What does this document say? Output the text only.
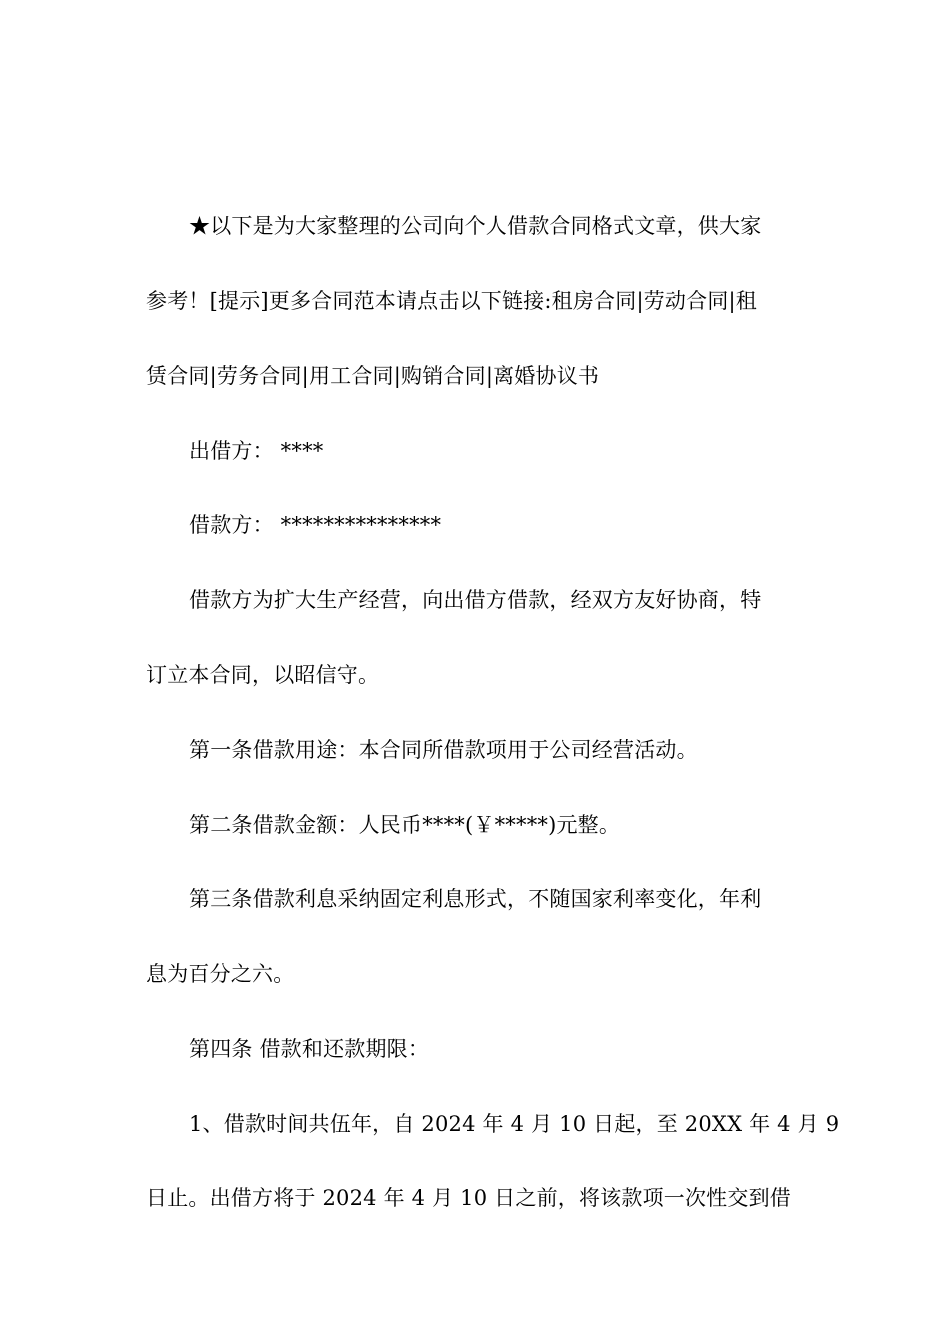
★以下是为大家整理的公司向个人借款合同格式文章，供大家
参考！[提示]更多合同范本请点击以下链接:租房合同|劳动合同|租
赁合同|劳务合同|用工合同|购销合同|离婚协议书
出借方： ****
借款方： ***************
借款方为扩大生产经营，向出借方借款，经双方友好协商，特
订立本合同，以昭信守。
第一条借款用途：本合同所借款项用于公司经营活动。
第二条借款金额：人民币****(￥*****)元整。
第三条借款利息采纳固定利息形式，不随国家利率变化，年利
息为百分之六。
第四条 借款和还款期限：
1、借款时间共伍年，自 2024 年 4 月 10 日起，至 20XX 年 4 月 9
日止。出借方将于 2024 年 4 月 10 日之前，将该款项一次性交到借
